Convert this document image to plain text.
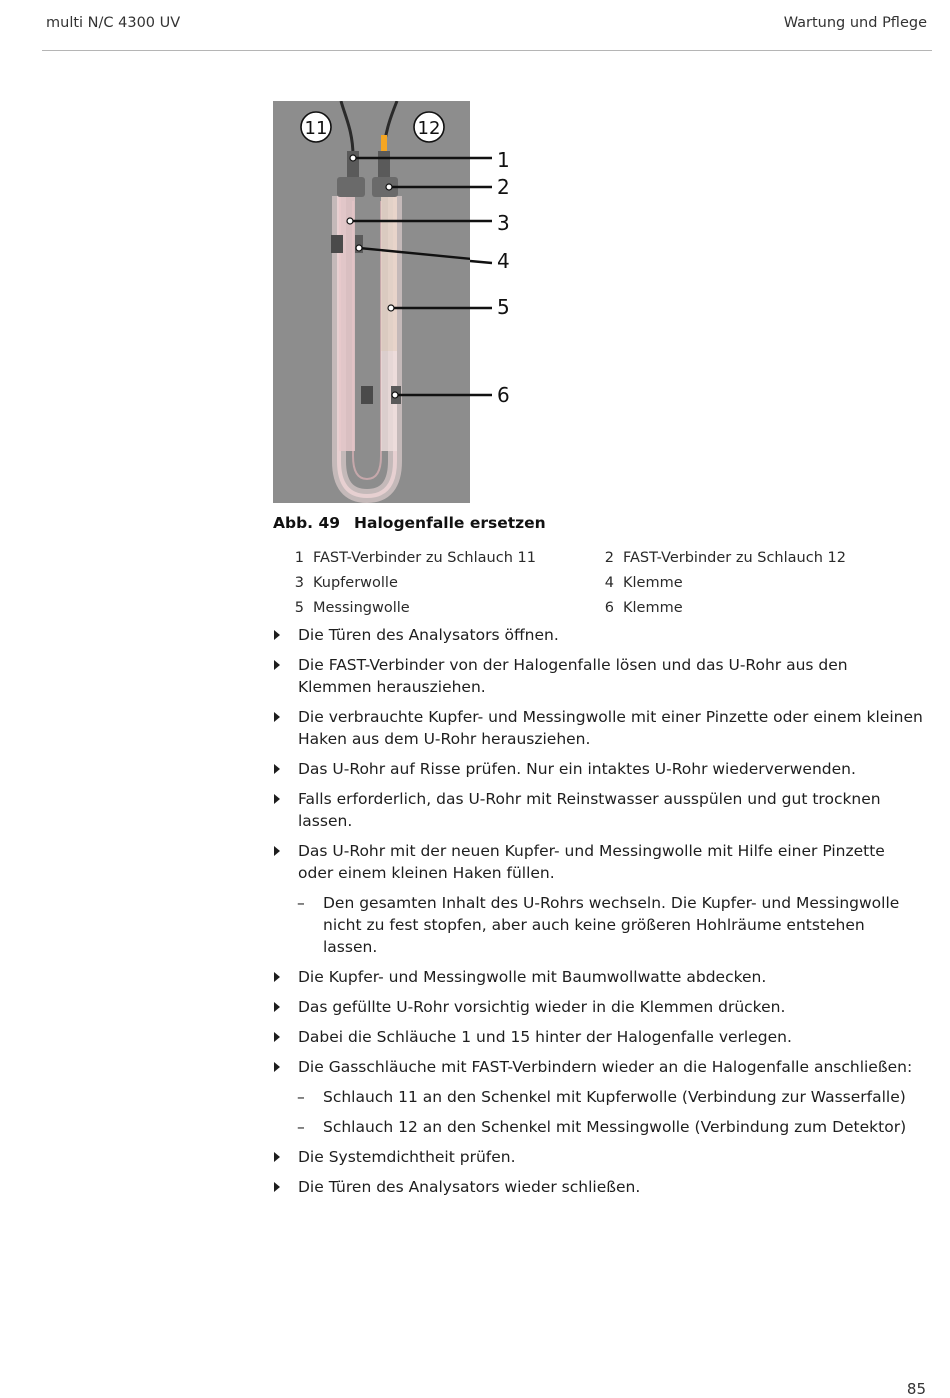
multi N/C 4300 UV	Wartung und Pflege
11	12
1
2
3
4
5
6
Abb. 49 Halogenfalle ersetzen
1 FAST-Verbinder zu Schlauch 11	2 FAST-Verbinder zu Schlauch 12
3 Kupferwolle	4 Klemme
5 Messingwolle	6 Klemme
Die Türen des Analysators öffnen.
Die FAST-Verbinder von der Halogenfalle lösen und das U-Rohr aus den Klemmen herausziehen.
Die verbrauchte Kupfer- und Messingwolle mit einer Pinzette oder einem kleinen Haken aus dem U-Rohr herausziehen.
Das U-Rohr auf Risse prüfen. Nur ein intaktes U-Rohr wiederverwenden.
Falls erforderlich, das U-Rohr mit Reinstwasser ausspülen und gut trocknen lassen.
Das U-Rohr mit der neuen Kupfer- und Messingwolle mit Hilfe einer Pinzette oder einem kleinen Haken füllen.
– Den gesamten Inhalt des U-Rohrs wechseln. Die Kupfer- und Messingwolle nicht zu fest stopfen, aber auch keine größeren Hohlräume entstehen lassen.
Die Kupfer- und Messingwolle mit Baumwollwatte abdecken.
Das gefüllte U-Rohr vorsichtig wieder in die Klemmen drücken.
Dabei die Schläuche 1 und 15 hinter der Halogenfalle verlegen.
Die Gasschläuche mit FAST-Verbindern wieder an die Halogenfalle anschließen:
– Schlauch 11 an den Schenkel mit Kupferwolle (Verbindung zur Wasserfalle)
– Schlauch 12 an den Schenkel mit Messingwolle (Verbindung zum Detektor)
Die Systemdichtheit prüfen.
Die Türen des Analysators wieder schließen.
85
